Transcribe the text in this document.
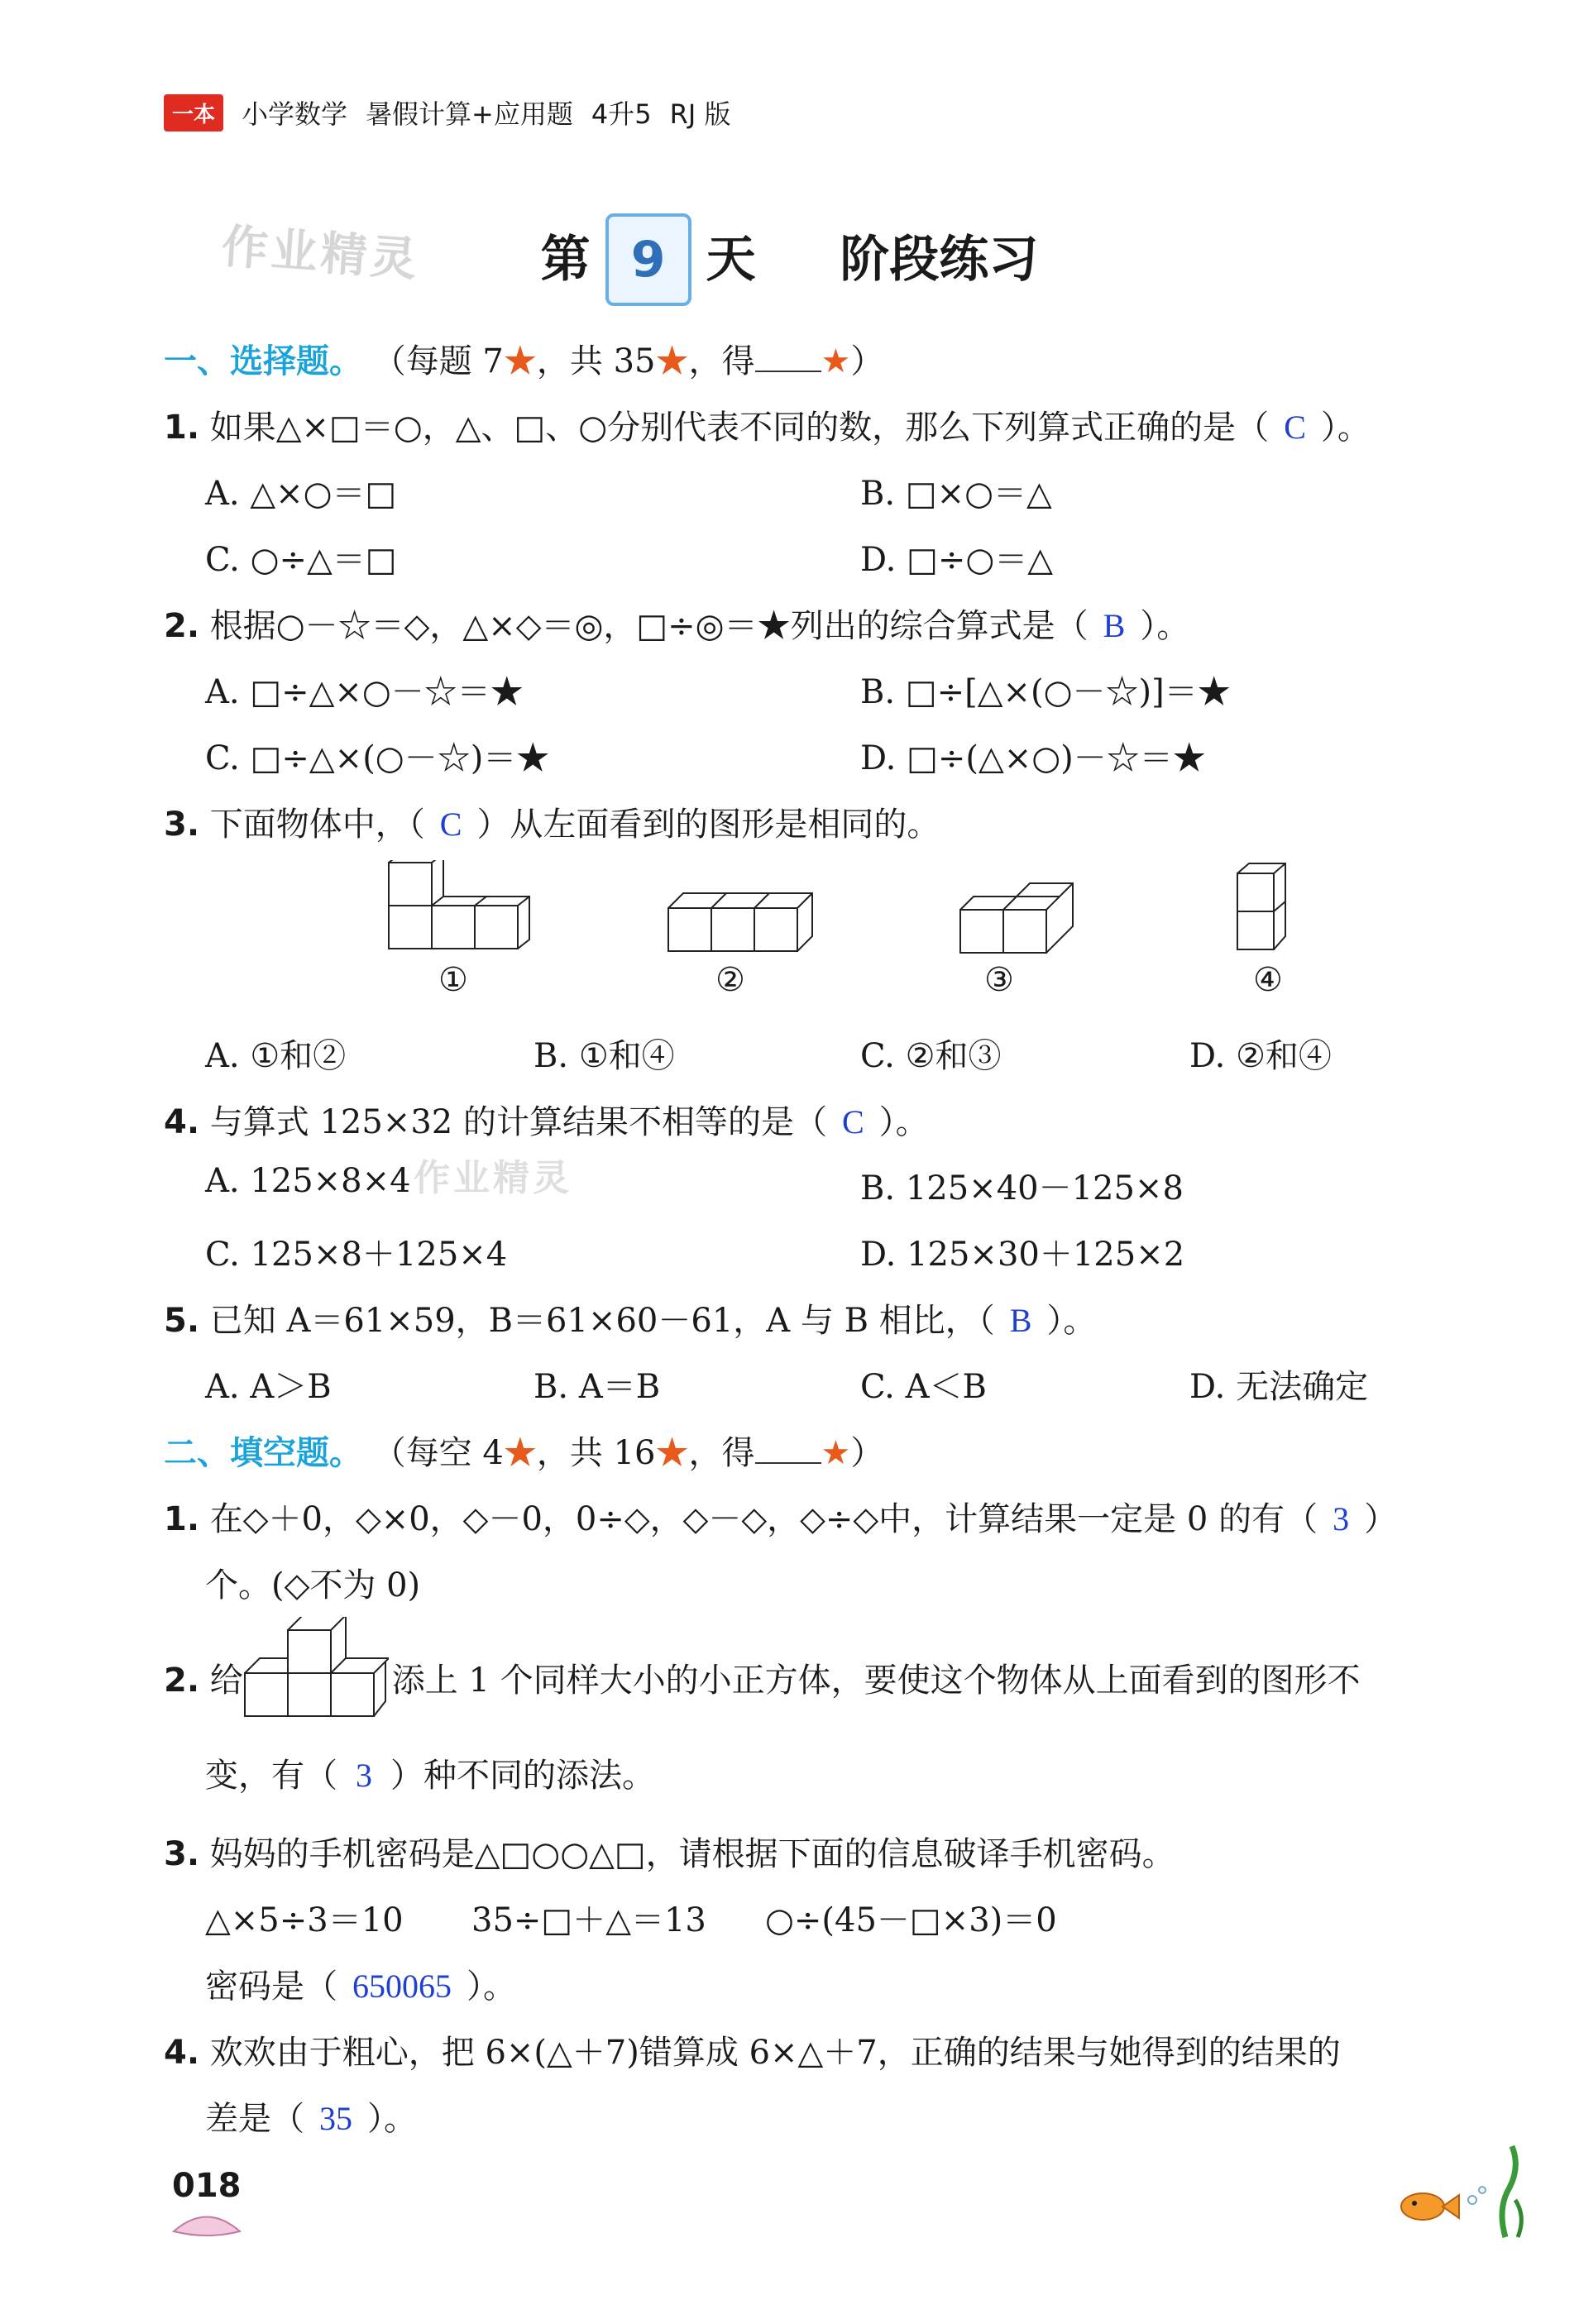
一本	小学数学 暑假计算+应用题 4升5 RJ 版
作业精灵
作业精灵
第 9 天 阶段练习
一、选择题。 （每题 7★，共 35★，得 ★）
1. 如果△×□＝○，△、□、○分别代表不同的数，那么下列算式正确的是（ C ）。
A. △×○＝□	B. □×○＝△
C. ○÷△＝□	D. □÷○＝△
2. 根据○－☆＝◇，△×◇＝◎，□÷◎＝★列出的综合算式是（ B ）。
A. □÷△×○－☆＝★	B. □÷[△×(○－☆)]＝★
C. □÷△×(○－☆)＝★	D. □÷(△×○)－☆＝★
3. 下面物体中，（ C ）从左面看到的图形是相同的。
①	②	③	④
A. ①和②	B. ①和④	C. ②和③	D. ②和④
4. 与算式 125×32 的计算结果不相等的是（ C ）。
A. 125×8×4	B. 125×40－125×8
C. 125×8＋125×4	D. 125×30＋125×2
5. 已知 A＝61×59，B＝61×60－61，A 与 B 相比，（ B ）。
A. A＞B	B. A＝B	C. A＜B	D. 无法确定
二、填空题。 （每空 4★，共 16★，得 ★）
1. 在◇＋0，◇×0，◇－0，0÷◇，◇－◇，◇÷◇中，计算结果一定是 0 的有（ 3 ）
个。(◇不为 0)
2. 给	添上 1 个同样大小的小正方体，要使这个物体从上面看到的图形不
变，有（ 3 ）种不同的添法。
3. 妈妈的手机密码是△□○○△□，请根据下面的信息破译手机密码。
△×5÷3＝10 35÷□＋△＝13 ○÷(45－□×3)＝0
密码是（ 650065 ）。
4. 欢欢由于粗心，把 6×(△＋7)错算成 6×△＋7，正确的结果与她得到的结果的
差是（ 35 ）。
018
